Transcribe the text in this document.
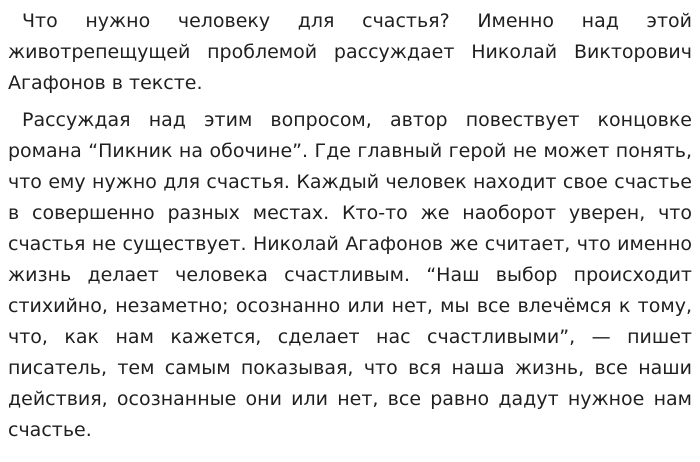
Что нужно человеку для счастья? Именно над этой животрепещущей проблемой рассуждает Николай Викторович Агафонов в тексте.

Рассуждая над этим вопросом, автор повествует концовке романа “Пикник на обочине”. Где главный герой не может понять, что ему нужно для счастья. Каждый человек находит свое счастье в совершенно разных местах. Кто-то же наоборот уверен, что счастья не существует. Николай Агафонов же считает, что именно жизнь делает человека счастливым. “Наш выбор происходит стихийно, незаметно; осознанно или нет, мы все влечёмся к тому, что, как нам кажется, сделает нас счастливыми”, — пишет писатель, тем самым показывая, что вся наша жизнь, все наши действия, осознанные они или нет, все равно дадут нужное нам счастье.
